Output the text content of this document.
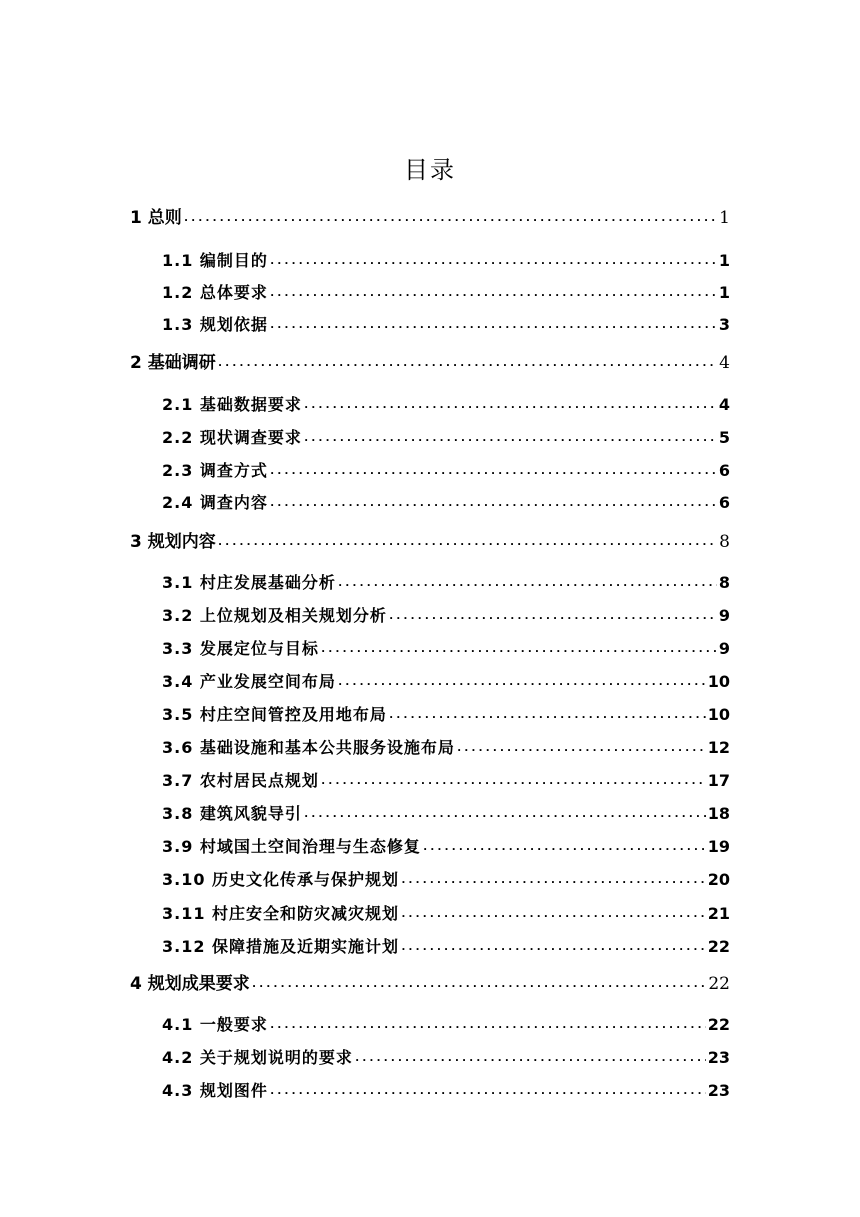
目录
1 总则 .....	1
1.1 编制目的 .....	1
1.2 总体要求 .....	1
1.3 规划依据 .....	3
2 基础调研 .....	4
2.1 基础数据要求 .....	4
2.2 现状调查要求 .....	5
2.3 调查方式 .....	6
2.4 调查内容 .....	6
3 规划内容 .....	8
3.1 村庄发展基础分析 .....	8
3.2 上位规划及相关规划分析 .....	9
3.3 发展定位与目标 .....	9
3.4 产业发展空间布局 .....	10
3.5 村庄空间管控及用地布局 .....	10
3.6 基础设施和基本公共服务设施布局 .....	12
3.7 农村居民点规划 .....	17
3.8 建筑风貌导引 .....	18
3.9 村域国土空间治理与生态修复 .....	19
3.10 历史文化传承与保护规划 .....	20
3.11 村庄安全和防灾减灾规划 .....	21
3.12 保障措施及近期实施计划 .....	22
4 规划成果要求 .....	22
4.1 一般要求 .....	22
4.2 关于规划说明的要求 .....	23
4.3 规划图件 .....	23
